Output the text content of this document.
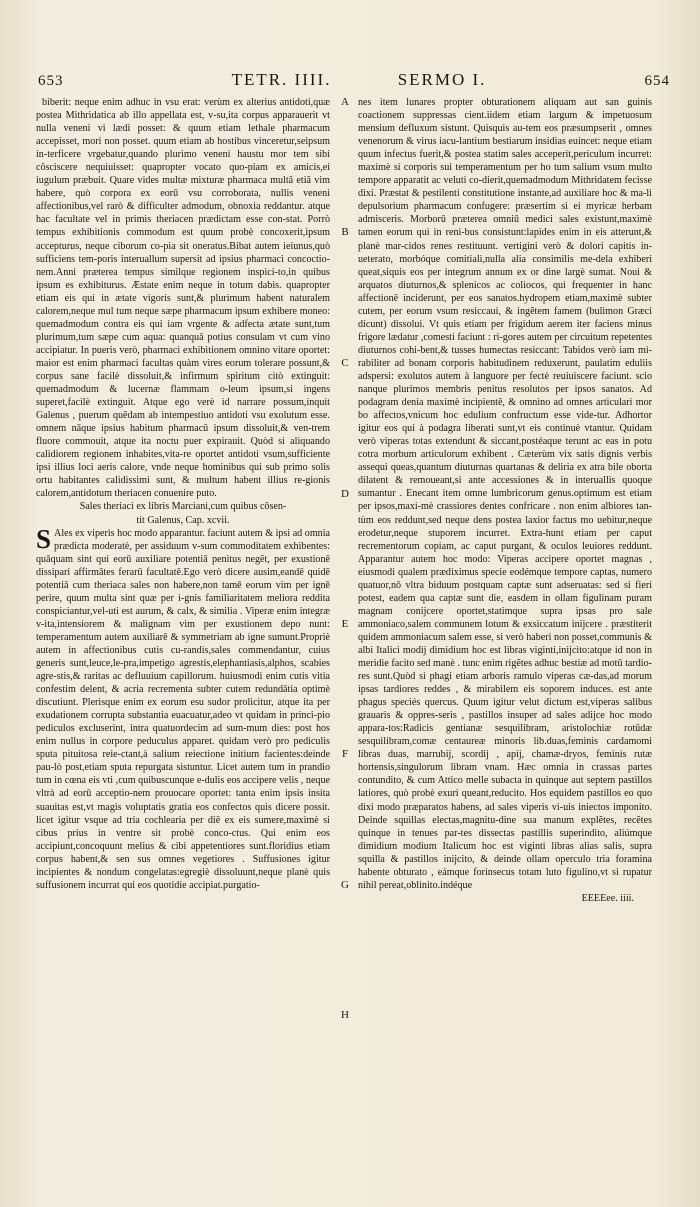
653	TETR. IIII.	SERMO I.	654

biberit: neque enim adhuc in vsu erat: verùm ex alterius antidoti,quæ postea Mithridatica ab illo appellata est, v-su,ita corpus apparauerit vt nulla veneni vi lædi posset: & quum etiam lethale pharmacum accepisset, mori non posset. quum etiam ab hostibus vinceretur,seipsum in-terficere vrgebatur,quando plurimo veneni haustu mor tem sibi côsciscere nequiuisset: quapropter vocato quo-piam ex amicis,ei iugulum præbuit. Quare vides multæ mixturæ pharmaca multâ etiâ vim habere, quò corpora ex eorū vsu corroborata, nullis veneni affectionibus,vel rarò & difficulter admodum, obnoxia reddantur. atque hac facultate vel in primis theriacen prædictam esse con-stat. Porrò tempus exhibitionis commodum est quum probè concoxerit,ipsum accepturus, neque ciborum co-pia sit oneratus.Bibat autem ieiunus,quò sufficiens tem-poris interuallum supersit ad ipsius pharmaci concoctio-nem.Anni præterea tempus similque regionem inspici-to,in quibus ipsum es exhibiturus. Æstate enim neque in totum dabis. quapropter etiam eis qui in ætate vigoris sunt,& plurimum habent naturalem calorem,neque mul tum neque sæpe pharmacum ipsum exhibere moneo: quemadmodum contra eis qui iam vrgente & adfecta ætate sunt,tum plurimum,tum sæpe cum aqua: quanquā potius consulam vt cum vino accipiatur. In pueris verò, pharmaci exhibitionem omnino vitare oportet: maior est enim pharmaci facultas quàm vires eorum tolerare possunt,& corpus sane facilè dissoluit,& infirmum spiritum citò extinguit: quemadmodum & lucernæ flammam o-leum ipsum,si ingens superet,facilè extinguit. Atque ego verè id narrare possum,inquit Galenus , puerum quẽdam ab intempestiuo antidoti vsu exolutum esse. omnem nāque ipsius habitum pharmacū ipsum dissoluit,& ven-trem fluore commouit, atque ita noctu puer expirauit. Quòd si aliquando calidiorem regionem inhabites,vita-re oportet antidoti vsum,sufficiente ipsi illius loci aeris calore, vnde neque hominibus qui sub primo solis ortu habitantes calidissimi sunt, & multum habent illius re-gionis calorem,antidotum theriacen conuenire puto.

Sales theriaci ex libris Marciani,cum quibus côsen-

tit Galenus, Cap. xcvii.

S Ales ex viperis hoc modo apparantur. faciunt autem & ipsi ad omnia prædicta moderatè, per assiduum v-sum commoditatem exhibentes: quāquam sint qui eorū auxiliare potentiā penitus negẽt, per exustionē dissipari affirmātes ferarū facultatē.Ego verò dicere ausim,eandē quidē potentiā cum theriaca sales non habere,non tamē eorum vim per ignē perire, quum multa sint quæ per i-gnis familiaritatem meliora reddita conspiciantur,vel-uti est aurum, & calx, & similia . Viperæ enim integræ v-ita,intensiorem & malignam vim per exustionem depo nunt: temperamentum autem auxiliarē & symmetriam ab igne sumunt.Propriè autem in affectionibus cutis cu-randis,sales commendantur, cuius generis sunt,leuce,le-pra,impetigo agrestis,elephantiasis,alphos, scabies agre-stis,& raritas ac defluuium capillorum. huiusmodi enim cutis vitia confestim delent, & acria recrementa subter cutem redundātia optimè discutiunt. Plerisque enim ex eorum esu sudor prolicitur, atque ita per exudationem corrupta substantia euacuatur,adeo vt quidam in princi-pio pediculos excluserint, intra quatuordecim ad sum-mum dies: post hos enim nullus in corpore peduculus apparet. quidam verò pro pediculis sputa pituitosa reie-ctant,à salium reiectione initium facientes:deinde pau-lò post,etiam sputa repurgata sistuntur. Licet autem tum in prandio tum in cœna eis vti ,cum quibuscunque e-dulis eos accipere velis , neque vltrà ad eorū acceptio-nem prouocare oportet: tanta enim ipsis insita suauitas est,vt magis voluptatis gratia eos confectos quis dicere possit. licet igitur vsque ad tria cochlearia per diē ex eis sumere,maximè si cibus prius in ventre sit probè conco-ctus. Qui enim eos accipiunt,concoquunt melius & cibi appetentiores sunt.floridius etiam corpus habent,& sen sus omnes vegetiores . Suffusiones igitur incipientes & nondum congelatas:egregiè dissoluunt,neque planè quis suffusionem incurrat qui eos quotidie accipiat.purgatio-

A
B
C
D
E
F
G
H

nes item lunares propter obturationem aliquam aut san guinis coactionem suppressas cient.iidem etiam largum & impetuosum mensium defluxum sistunt. Quisquis au-tem eos præsumpserit , omnes venenorum & virus iacu-lantium bestiarum insidias euincet: neque etiam quum infectus fuerit,& postea statim sales acceperit,periculum incurret: maximè si corporis sui temperamentum per ho tum salium vsum multo tempore apparatit ac veluti co-dierit,quemadmodum Mithridatem fecisse dixi. Præstat & pestilenti constitutione instante,ad auxiliare hoc & ma-li depulsorium pharmacum confugere: præsertim si ei myricæ herbam admisceris. Morborū præterea omniū medici sales existunt,maximè tamen eorum qui in reni-bus consistunt:lapides enim in eis atterunt,& planè mar-cidos renes restituunt. vertigini verò & dolori capitis in-ueterato, morbóque comitiali,nulla alia consimilis me-dela exhiberi queat,siquis eos per integrum annum ex or dine largè sumat. Noui & arquatos diuturnos,& splenicos ac coliocos, qui frequenter in hanc affectionē inciderunt, per eos sanatos.hydropem etiam,maximè subter cutem, per eorum vsum resiccaui, & ingẽtem famem (bulimon Græci dicunt) dissolui. Vt quis etiam per frigidum aerem iter faciens minus frigore lædatur ,comesti faciunt : ri-gores autem per circuitum repetentes diuturnos cohi-bent,& tusses humectas resiccant: Tabidos verò iam mi-rabiliter ad bonam corporis habitudinem reduxerunt, paulatim eduliis adspersi: exolutos autem à languore per fectè reuiuiscere faciunt. scio nanque plurimos membris penitus resolutos per ipsos sanatos. Ad podagram denia maximè incipientē, & omnino ad omnes articulari mor bo affectos,vnicum hoc edulium confructum esse vide-tur. Adhortor igitur eos qui à podagra liberati sunt,vt eis continuè vtantur. Quidam verò viperas totas extendunt & siccant,postéaque terunt ac eas in potu cotra morbum articulorum exhibent . Cæterùm vix satis dignis verbis assequi queas,quantum diuturnas quartanas & deliria ex atra bile oborta dilatent & remoueant,si ante accessiones & in interuallis quoque sumantur . Enecant item omne lumbricorum genus.optimum est etiam per ipsos,maxi-mè crassiores dentes confricare . non enim albiores tan-tùm eos reddunt,sed neque dens postea laxior factus mo uebitur,neque erodetur,neque stuporem incurret. Extra-hunt etiam per caput recrementorum copiam, ac caput purgant, & oculos leuiores reddunt. Apparantur autem hoc modo: Viperas accipere oportet magnas , eiusmodi qualem prædiximus specie eodémque tempore captas, numero quatuor,nō vltra biduum postquam captæ sunt adseruatas: sed si fieri potest, eadem qua captæ sunt die, easdem in ollam figulinam puram magnam conijcere oportet,statimque supra ipsas pro sale ammoniaco,salem communem lotum & exsiccatum inijcere . præstiterit quidem ammoniacum salem esse, si verò haberi non posset,communis & albi Italici modij dimidium hoc est libras viginti,inijcito:atque id non in meridie facito sed manè . tunc enim rigẽtes adhuc bestiæ ad motū tardio-res sunt.Quòd si phagi etiam arboris ramulo viperas cæ-das,ad morum ipsas tardiores reddes , & mirabilem eis soporem induces. est ante phagus speciés quercus. Quum igitur velut dictum est,viperas salibus grauaris & oppres-seris , pastillos insuper ad sales adijce hoc modo appara-tos:Radicis gentianæ sesquilibram, aristolochiæ rotūdæ sesquilibram,comæ centaureæ minoris lib.duas,feminis cardamomi libras duas, marrubij, scordij , apij, chamæ-dryos, feminis rutæ hortensis,singulorum libram vnam. Hæc omnia in crassas partes contundito, & cum Attico melle subacta in quinque aut septem pastillos latiores, quò probè exuri queant,reducito. Hos equidem pastillos eo quo dixi modo præparatos habens, ad sales viperis vi-uis iniectos imponito. Deinde squillas electas,magnitu-dine sua manum explẽtes, recẽtes quinque in tenues par-tes dissectas pastillis superindito, aliúmque dimidium modium Italicum hoc est viginti libras alias salis, supra squilla & pastillos inijcito, & deinde ollam operculo tria foramina habente obturato , eámque forinsecus totam luto figulino,vt si rupatur nihil pereat,oblinito.indéque

EEEEee. iiii.
